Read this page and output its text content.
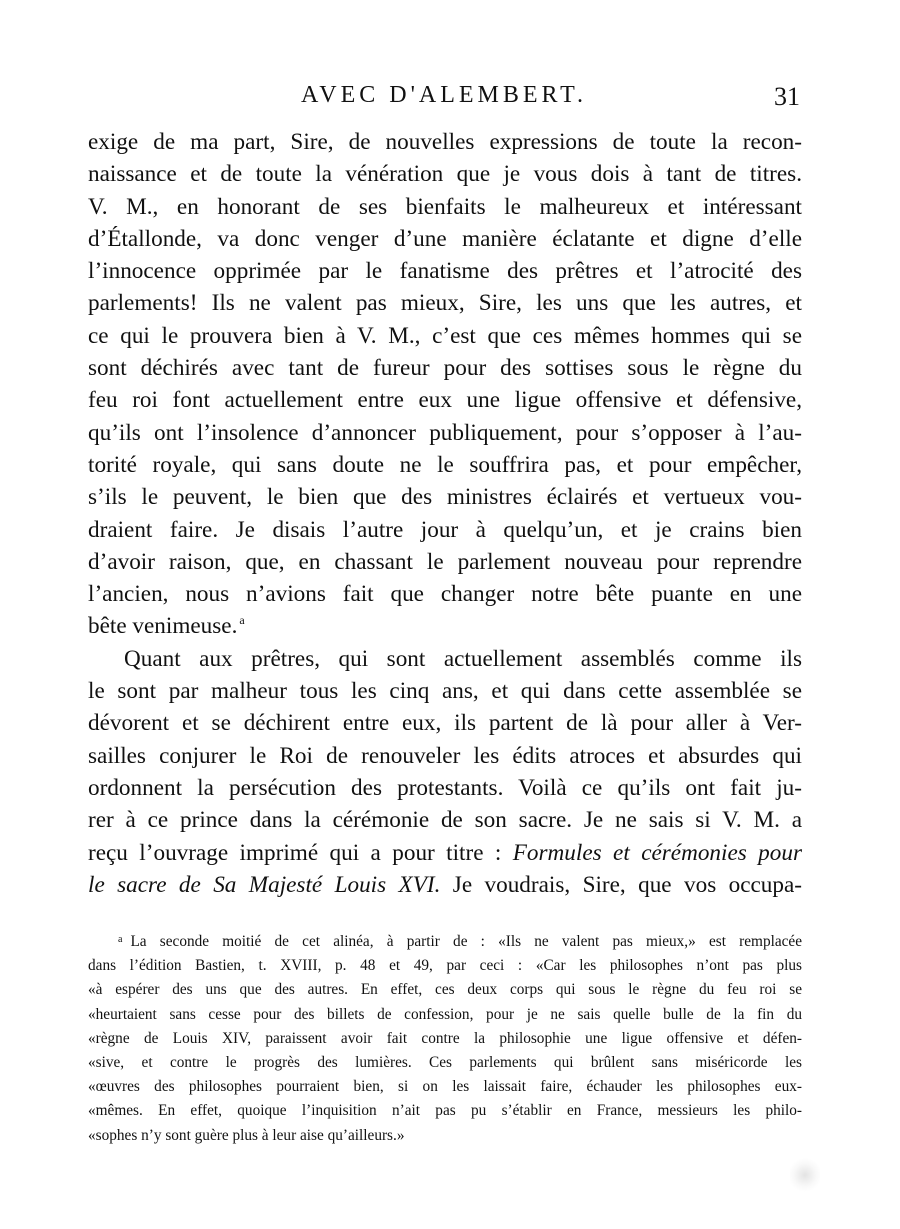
AVEC D'ALEMBERT.	31
exige de ma part, Sire, de nouvelles expressions de toute la recon-
naissance et de toute la vénération que je vous dois à tant de titres.
V. M., en honorant de ses bienfaits le malheureux et intéressant
d’Étallonde, va donc venger d’une manière éclatante et digne d’elle
l’innocence opprimée par le fanatisme des prêtres et l’atrocité des
parlements! Ils ne valent pas mieux, Sire, les uns que les autres, et
ce qui le prouvera bien à V. M., c’est que ces mêmes hommes qui se
sont déchirés avec tant de fureur pour des sottises sous le règne du
feu roi font actuellement entre eux une ligue offensive et défensive,
qu’ils ont l’insolence d’annoncer publiquement, pour s’opposer à l’au-
torité royale, qui sans doute ne le souffrira pas, et pour empêcher,
s’ils le peuvent, le bien que des ministres éclairés et vertueux vou-
draient faire. Je disais l’autre jour à quelqu’un, et je crains bien
d’avoir raison, que, en chassant le parlement nouveau pour reprendre
l’ancien, nous n’avions fait que changer notre bête puante en une
bête venimeuse. $^a$
Quant aux prêtres, qui sont actuellement assemblés comme ils
le sont par malheur tous les cinq ans, et qui dans cette assemblée se
dévorent et se déchirent entre eux, ils partent de là pour aller à Ver-
sailles conjurer le Roi de renouveler les édits atroces et absurdes qui
ordonnent la persécution des protestants. Voilà ce qu’ils ont fait ju-
rer à ce prince dans la cérémonie de son sacre. Je ne sais si V. M. a
reçu l’ouvrage imprimé qui a pour titre : Formules et cérémonies pour
le sacre de Sa Majesté Louis XVI. Je voudrais, Sire, que vos occupa-
$^a$ La seconde moitié de cet alinéa, à partir de : «Ils ne valent pas mieux,» est remplacée
dans l’édition Bastien, t. XVIII, p. 48 et 49, par ceci : «Car les philosophes n’ont pas plus
«à espérer des uns que des autres. En effet, ces deux corps qui sous le règne du feu roi se
«heurtaient sans cesse pour des billets de confession, pour je ne sais quelle bulle de la fin du
«règne de Louis XIV, paraissent avoir fait contre la philosophie une ligue offensive et défen-
«sive, et contre le progrès des lumières. Ces parlements qui brûlent sans miséricorde les
«œuvres des philosophes pourraient bien, si on les laissait faire, échauder les philosophes eux-
«mêmes. En effet, quoique l’inquisition n’ait pas pu s’établir en France, messieurs les philo-
«sophes n’y sont guère plus à leur aise qu’ailleurs.»
